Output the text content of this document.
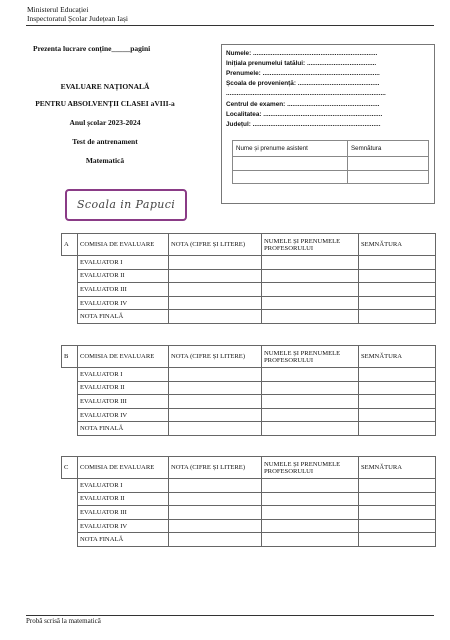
Ministerul Educației
Inspectoratul Școlar Județean Iași
Prezenta lucrare conține_____pagini
EVALUARE NAȚIONALĂ
PENTRU ABSOLVENȚII CLASEI aVIII-a
Anul școlar 2023-2024
Test de antrenament
Matematică
Numele: ......................................................................
Inițiala prenumelui tatălui: .......................................
Prenumele: ..................................................................
Școala de proveniență: ..............................................
..........................................................................................
Centrul de examen: ....................................................
Localitatea: ...................................................................
Județul: ........................................................................
Nume și prenume asistent	Semnătura

Scoala in Papuci
A	COMISIA DE EVALUARE	NOTA (CIFRE ȘI LITERE)	NUMELE ȘI PRENUMELE PROFESORULUI	SEMNĂTURA
	EVALUATOR I			
	EVALUATOR II			
	EVALUATOR III			
	EVALUATOR IV			
	NOTA FINALĂ			
B	COMISIA DE EVALUARE	NOTA (CIFRE ȘI LITERE)	NUMELE ȘI PRENUMELE PROFESORULUI	SEMNĂTURA
	EVALUATOR I			
	EVALUATOR II			
	EVALUATOR III			
	EVALUATOR IV			
	NOTA FINALĂ			
C	COMISIA DE EVALUARE	NOTA (CIFRE ȘI LITERE)	NUMELE ȘI PRENUMELE PROFESORULUI	SEMNĂTURA
	EVALUATOR I			
	EVALUATOR II			
	EVALUATOR III			
	EVALUATOR IV			
	NOTA FINALĂ			
Probă scrisă la matematică
